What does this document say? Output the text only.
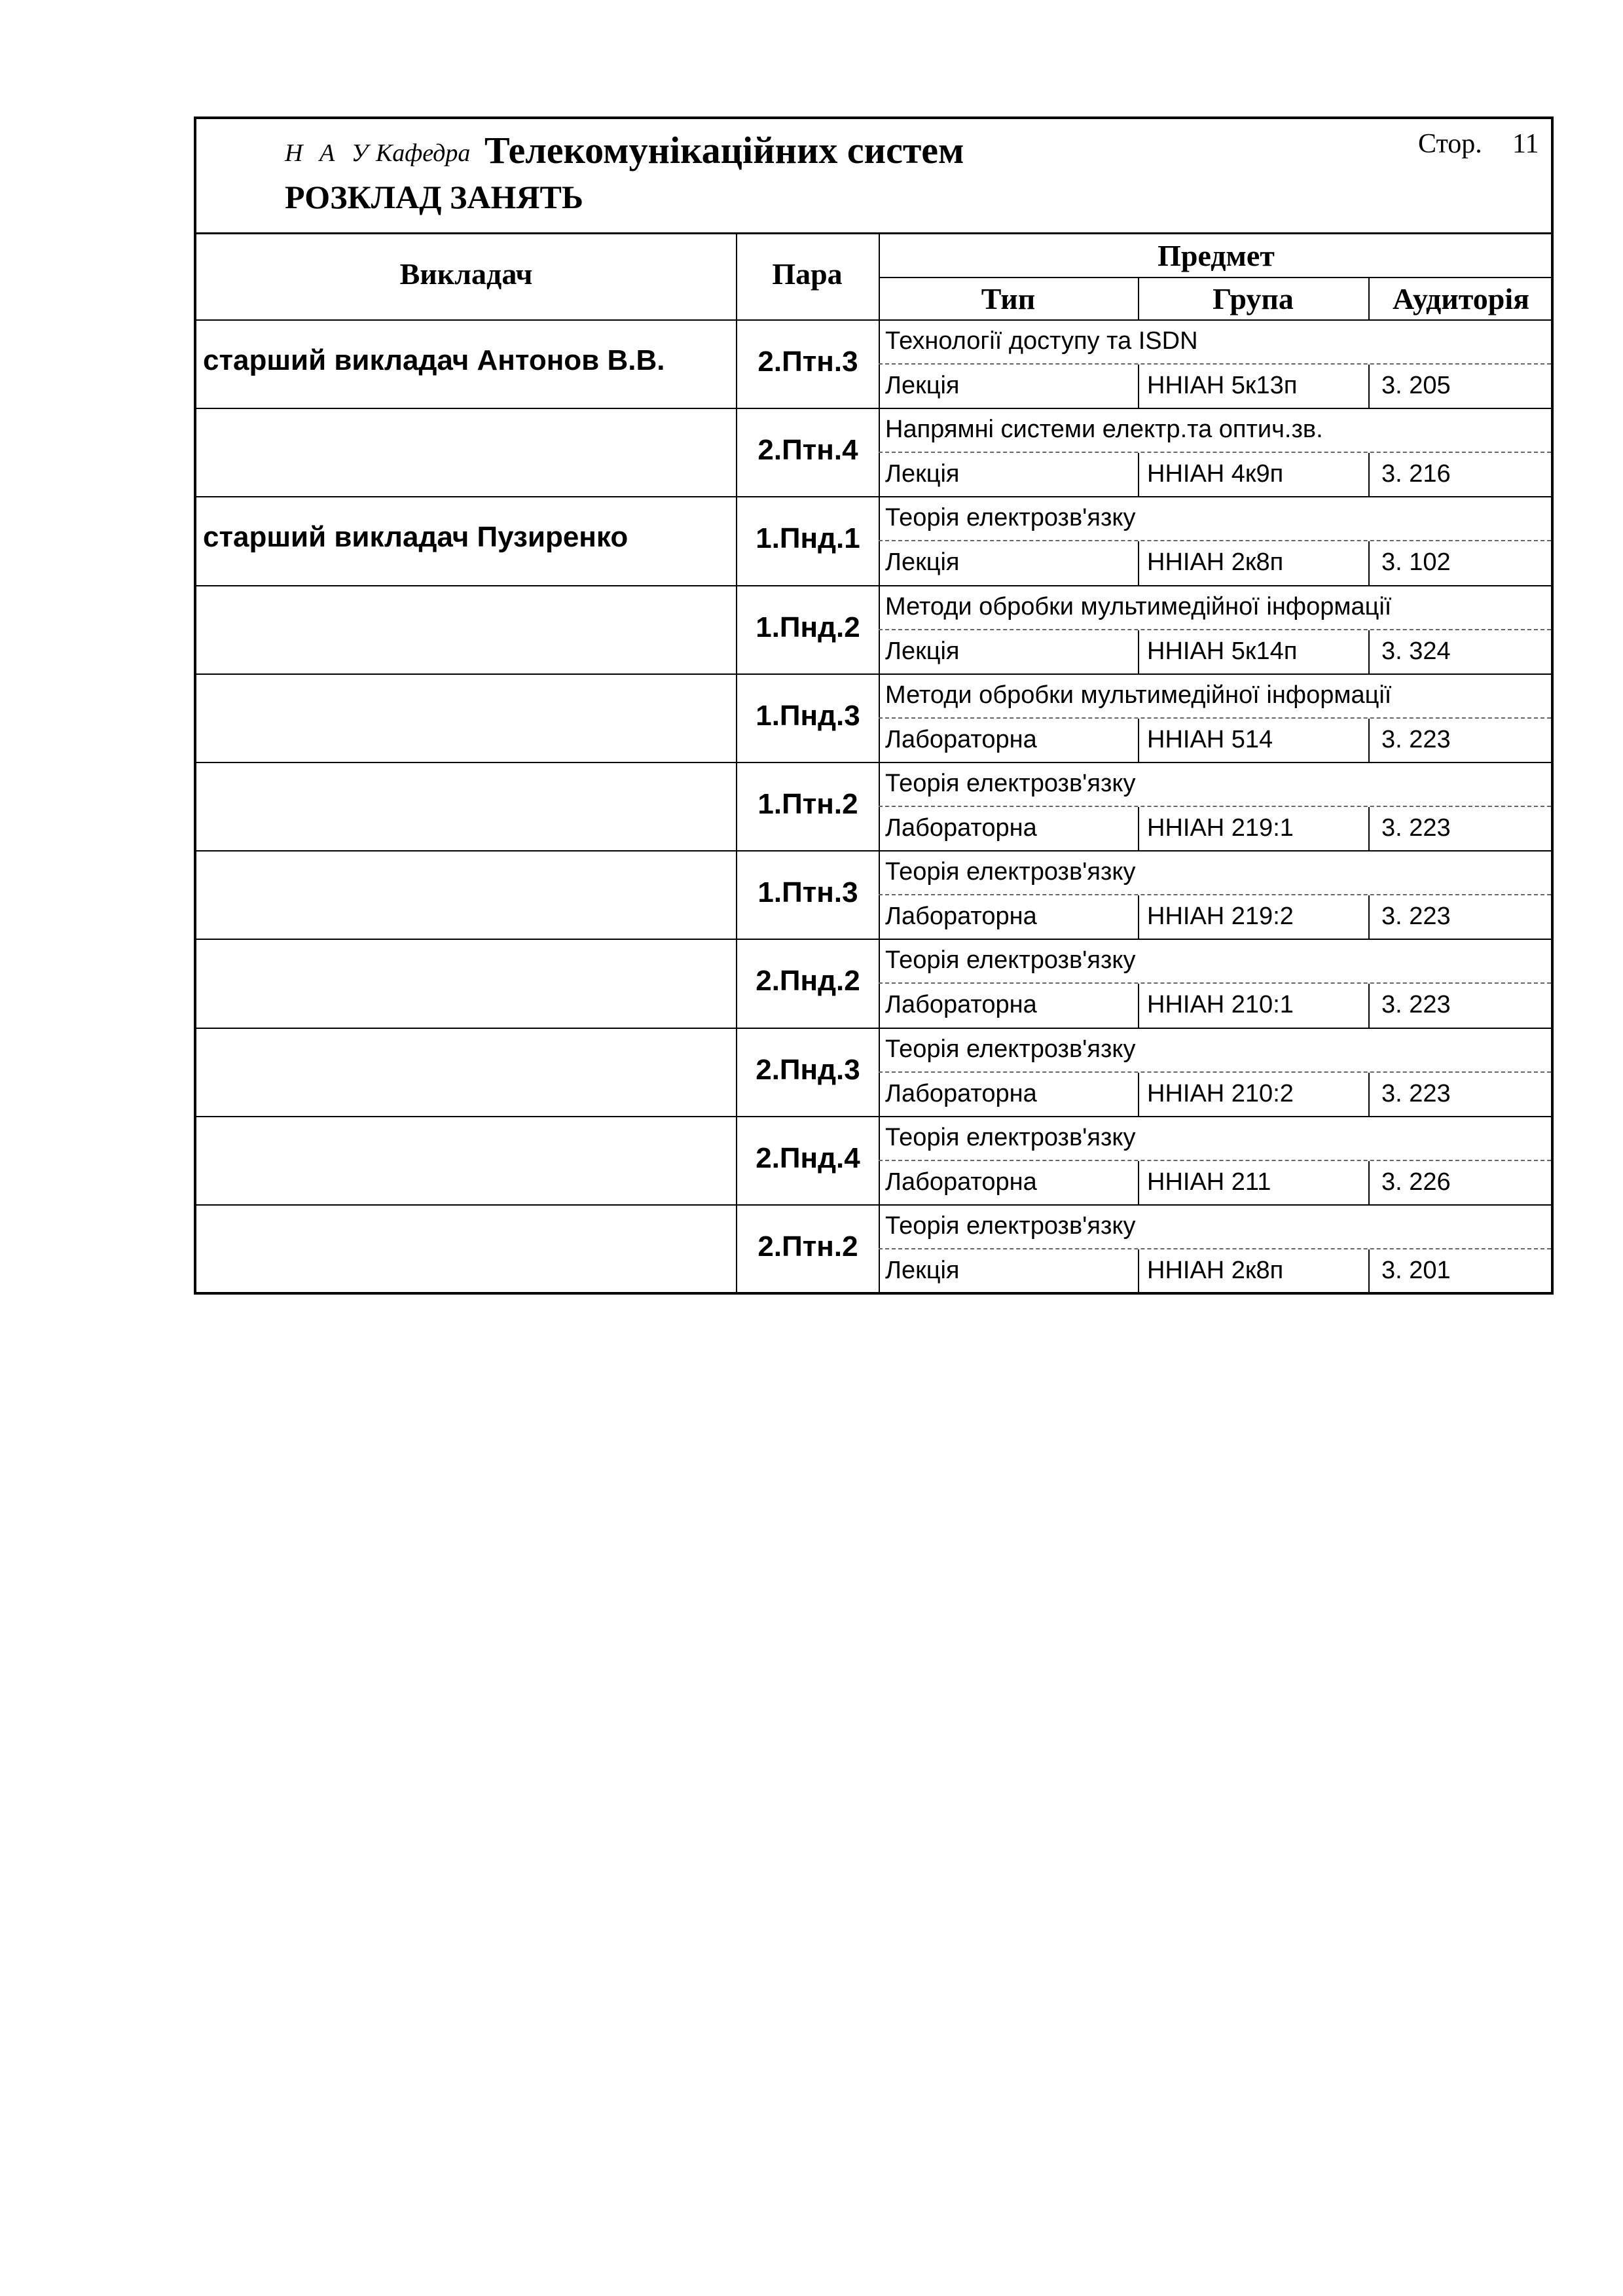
Н А У Кафедра Телекомунікаційних систем
РОЗКЛАД ЗАНЯТЬ
Стор. 11
Викладач	Пара
Предмет
Тип	Група	Аудиторія
старший викладач Антонов В.В.	2.Птн.3
Технології доступу та ISDN
Лекція	ННІАН 5к13п	3. 205
2.Птн.4
Напрямні системи електр.та оптич.зв.
Лекція	ННІАН 4к9п	3. 216
старший викладач Пузиренко	1.Пнд.1
Теорія електрозв'язку
Лекція	ННІАН 2к8п	3. 102
1.Пнд.2
Методи обробки мультимедійної інформації
Лекція	ННІАН 5к14п	3. 324
1.Пнд.3
Методи обробки мультимедійної інформації
Лабораторна	ННІАН 514	3. 223
1.Птн.2
Теорія електрозв'язку
Лабораторна	ННІАН 219:1	3. 223
1.Птн.3
Теорія електрозв'язку
Лабораторна	ННІАН 219:2	3. 223
2.Пнд.2
Теорія електрозв'язку
Лабораторна	ННІАН 210:1	3. 223
2.Пнд.3
Теорія електрозв'язку
Лабораторна	ННІАН 210:2	3. 223
2.Пнд.4
Теорія електрозв'язку
Лабораторна	ННІАН 211	3. 226
2.Птн.2
Теорія електрозв'язку
Лекція	ННІАН 2к8п	3. 201
